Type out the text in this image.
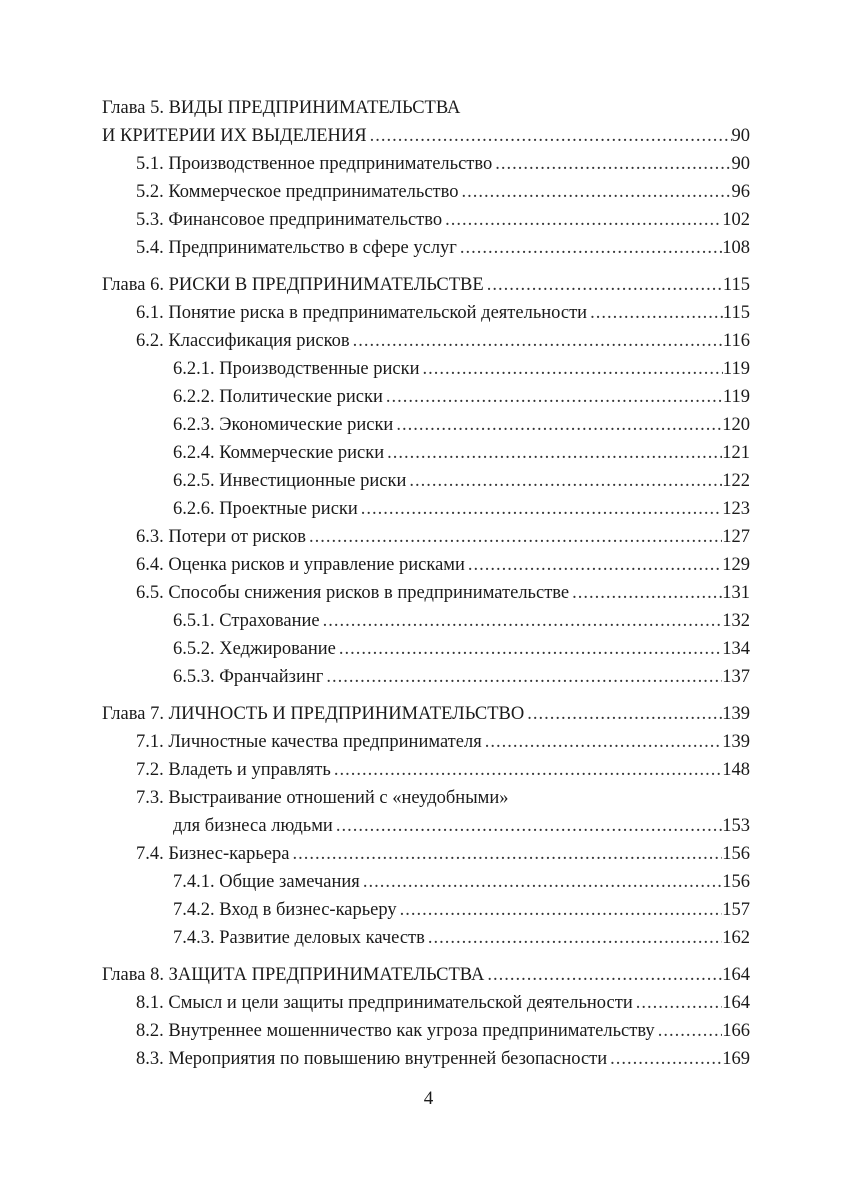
Глава 5. ВИДЫ ПРЕДПРИНИМАТЕЛЬСТВА
И КРИТЕРИИ ИХ ВЫДЕЛЕНИЯ .....	90
5.1. Производственное предпринимательство .....	90
5.2. Коммерческое предпринимательство .....	96
5.3. Финансовое предпринимательство .....	102
5.4. Предпринимательство в сфере услуг .....	108
Глава 6. РИСКИ В ПРЕДПРИНИМАТЕЛЬСТВЕ .....	115
6.1. Понятие риска в предпринимательской деятельности .....	115
6.2. Классификация рисков .....	116
6.2.1. Производственные риски .....	119
6.2.2. Политические риски .....	119
6.2.3. Экономические риски .....	120
6.2.4. Коммерческие риски .....	121
6.2.5. Инвестиционные риски .....	122
6.2.6. Проектные риски .....	123
6.3. Потери от рисков .....	127
6.4. Оценка рисков и управление рисками .....	129
6.5. Способы снижения рисков в предпринимательстве .....	131
6.5.1. Страхование .....	132
6.5.2. Хеджирование .....	134
6.5.3. Франчайзинг .....	137
Глава 7. ЛИЧНОСТЬ И ПРЕДПРИНИМАТЕЛЬСТВО .....	139
7.1. Личностные качества предпринимателя .....	139
7.2. Владеть и управлять .....	148
7.3. Выстраивание отношений с «неудобными»
для бизнеса людьми .....	153
7.4. Бизнес-карьера .....	156
7.4.1. Общие замечания .....	156
7.4.2. Вход в бизнес-карьеру .....	157
7.4.3. Развитие деловых качеств .....	162
Глава 8. ЗАЩИТА ПРЕДПРИНИМАТЕЛЬСТВА .....	164
8.1. Смысл и цели защиты предпринимательской деятельности .....	164
8.2. Внутреннее мошенничество как угроза предпринимательству .....	166
8.3. Мероприятия по повышению внутренней безопасности .....	169
4
